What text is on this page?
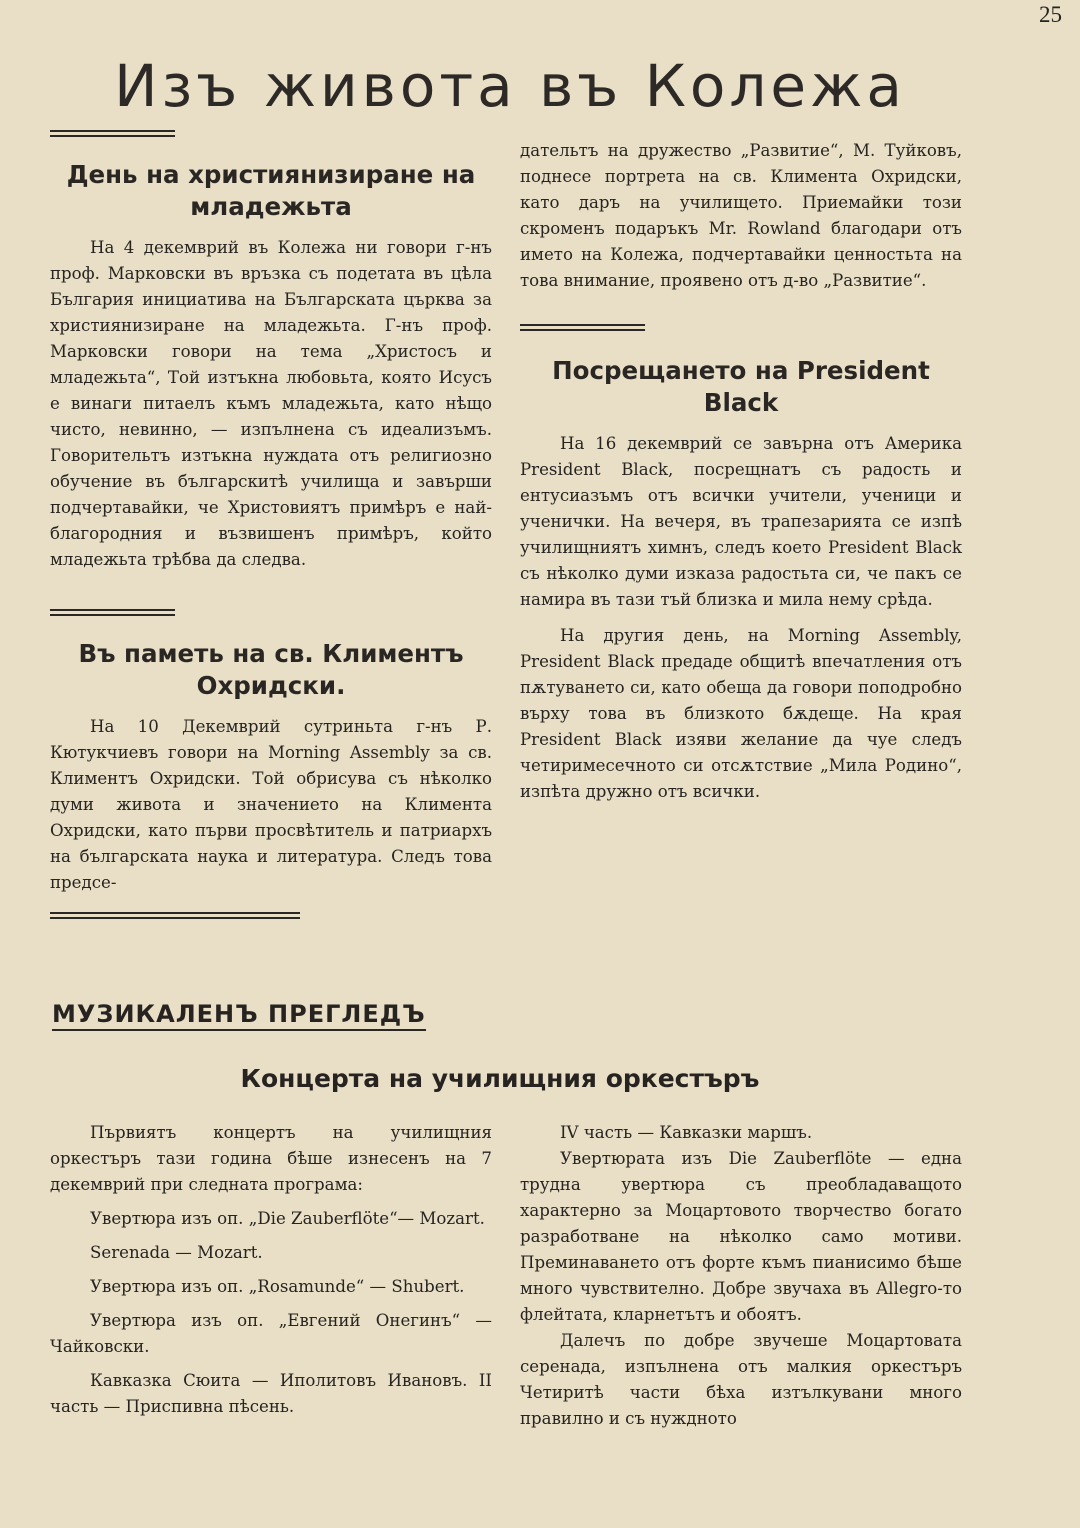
25
Изъ живота въ Колежа
День на християнизиране на младежьта

На 4 декемврий въ Колежа ни говори г-нъ проф. Марковски въ връзка съ подетата въ цѣла България инициатива на Българската църква за християнизиране на младежьта. Г-нъ проф. Марковски говори на тема „Христосъ и младежьта“, Той изтъкна любовьта, която Исусъ е винаги питаелъ къмъ младежьта, като нѣщо чисто, невинно, — изпълнена съ идеализъмъ. Говорительтъ изтъкна нуждата отъ религиозно обучение въ българскитѣ училища и завърши подчертавайки, че Христовиятъ примѣръ е най-благородния и възвишенъ примѣръ, който младежьта трѣбва да следва.

Въ паметь на св. Климентъ Охридски.

На 10 Декемврий сутриньта г-нъ Р. Кютукчиевъ говори на Morning Assembly за св. Климентъ Охридски. Той обрисува съ нѣколко думи живота и значението на Климента Охридски, като първи просвѣтитель и патриархъ на българската наука и литература. Следъ това предсе-

дательтъ на дружество „Развитие“, М. Туйковъ, поднесе портрета на св. Климента Охридски, като даръ на училището. Приемайки този скроменъ подаръкъ Mr. Rowland благодари отъ името на Колежа, подчертавайки ценностьта на това внимание, проявено отъ д-во „Развитие“.

Посрещането на President Black

На 16 декемврий се завърна отъ Америка President Black, посрещнатъ съ радость и ентусиазъмъ отъ всички учители, ученици и ученички. На вечеря, въ трапезарията се изпѣ училищниятъ химнъ, следъ което President Black съ нѣколко думи изказа радостьта си, че пакъ се намира въ тази тъй близка и мила нему срѣда.

На другия день, на Morning Assembly, President Black предаде общитѣ впечатления отъ пѫтуването си, като обеща да говори поподробно върху това въ близкото бѫдеще. На края President Black изяви желание да чуе следъ четиримесечното си отсѫтствие „Мила Родино“, изпѣта дружно отъ всички.

МУЗИКАЛЕНЪ ПРЕГЛЕДЪ
Концерта на училищния оркестъръ

Първиятъ концертъ на училищния оркестъръ тази година бѣше изнесенъ на 7 декемврий при следната програма:

Увертюра изъ оп. „Die Zauberflöte“— Mozart.

Serenada — Mozart.

Увертюра изъ оп. „Rosamunde“ — Shubert.

Увертюра изъ оп. „Евгений Онегинъ“ — Чайковски.

Кавказка Сюита — Иполитовъ Ивановъ. II часть — Приспивна пѣсень.

IV часть — Кавказки маршъ.

Увертюрата изъ Die Zauberflöte — една трудна увертюра съ преобладаващото характерно за Моцартовото творчество богато разработване на нѣколко само мотиви. Преминаването отъ форте къмъ пианисимо бѣше много чувствително. Добре звучаха въ Allegro-то флейтата, кларнетътъ и обоятъ.

Далечъ по добре звучеше Моцартовата серенада, изпълнена отъ малкия оркестъръ Четиритѣ части бѣха изтълкувани много правилно и съ нуждното
